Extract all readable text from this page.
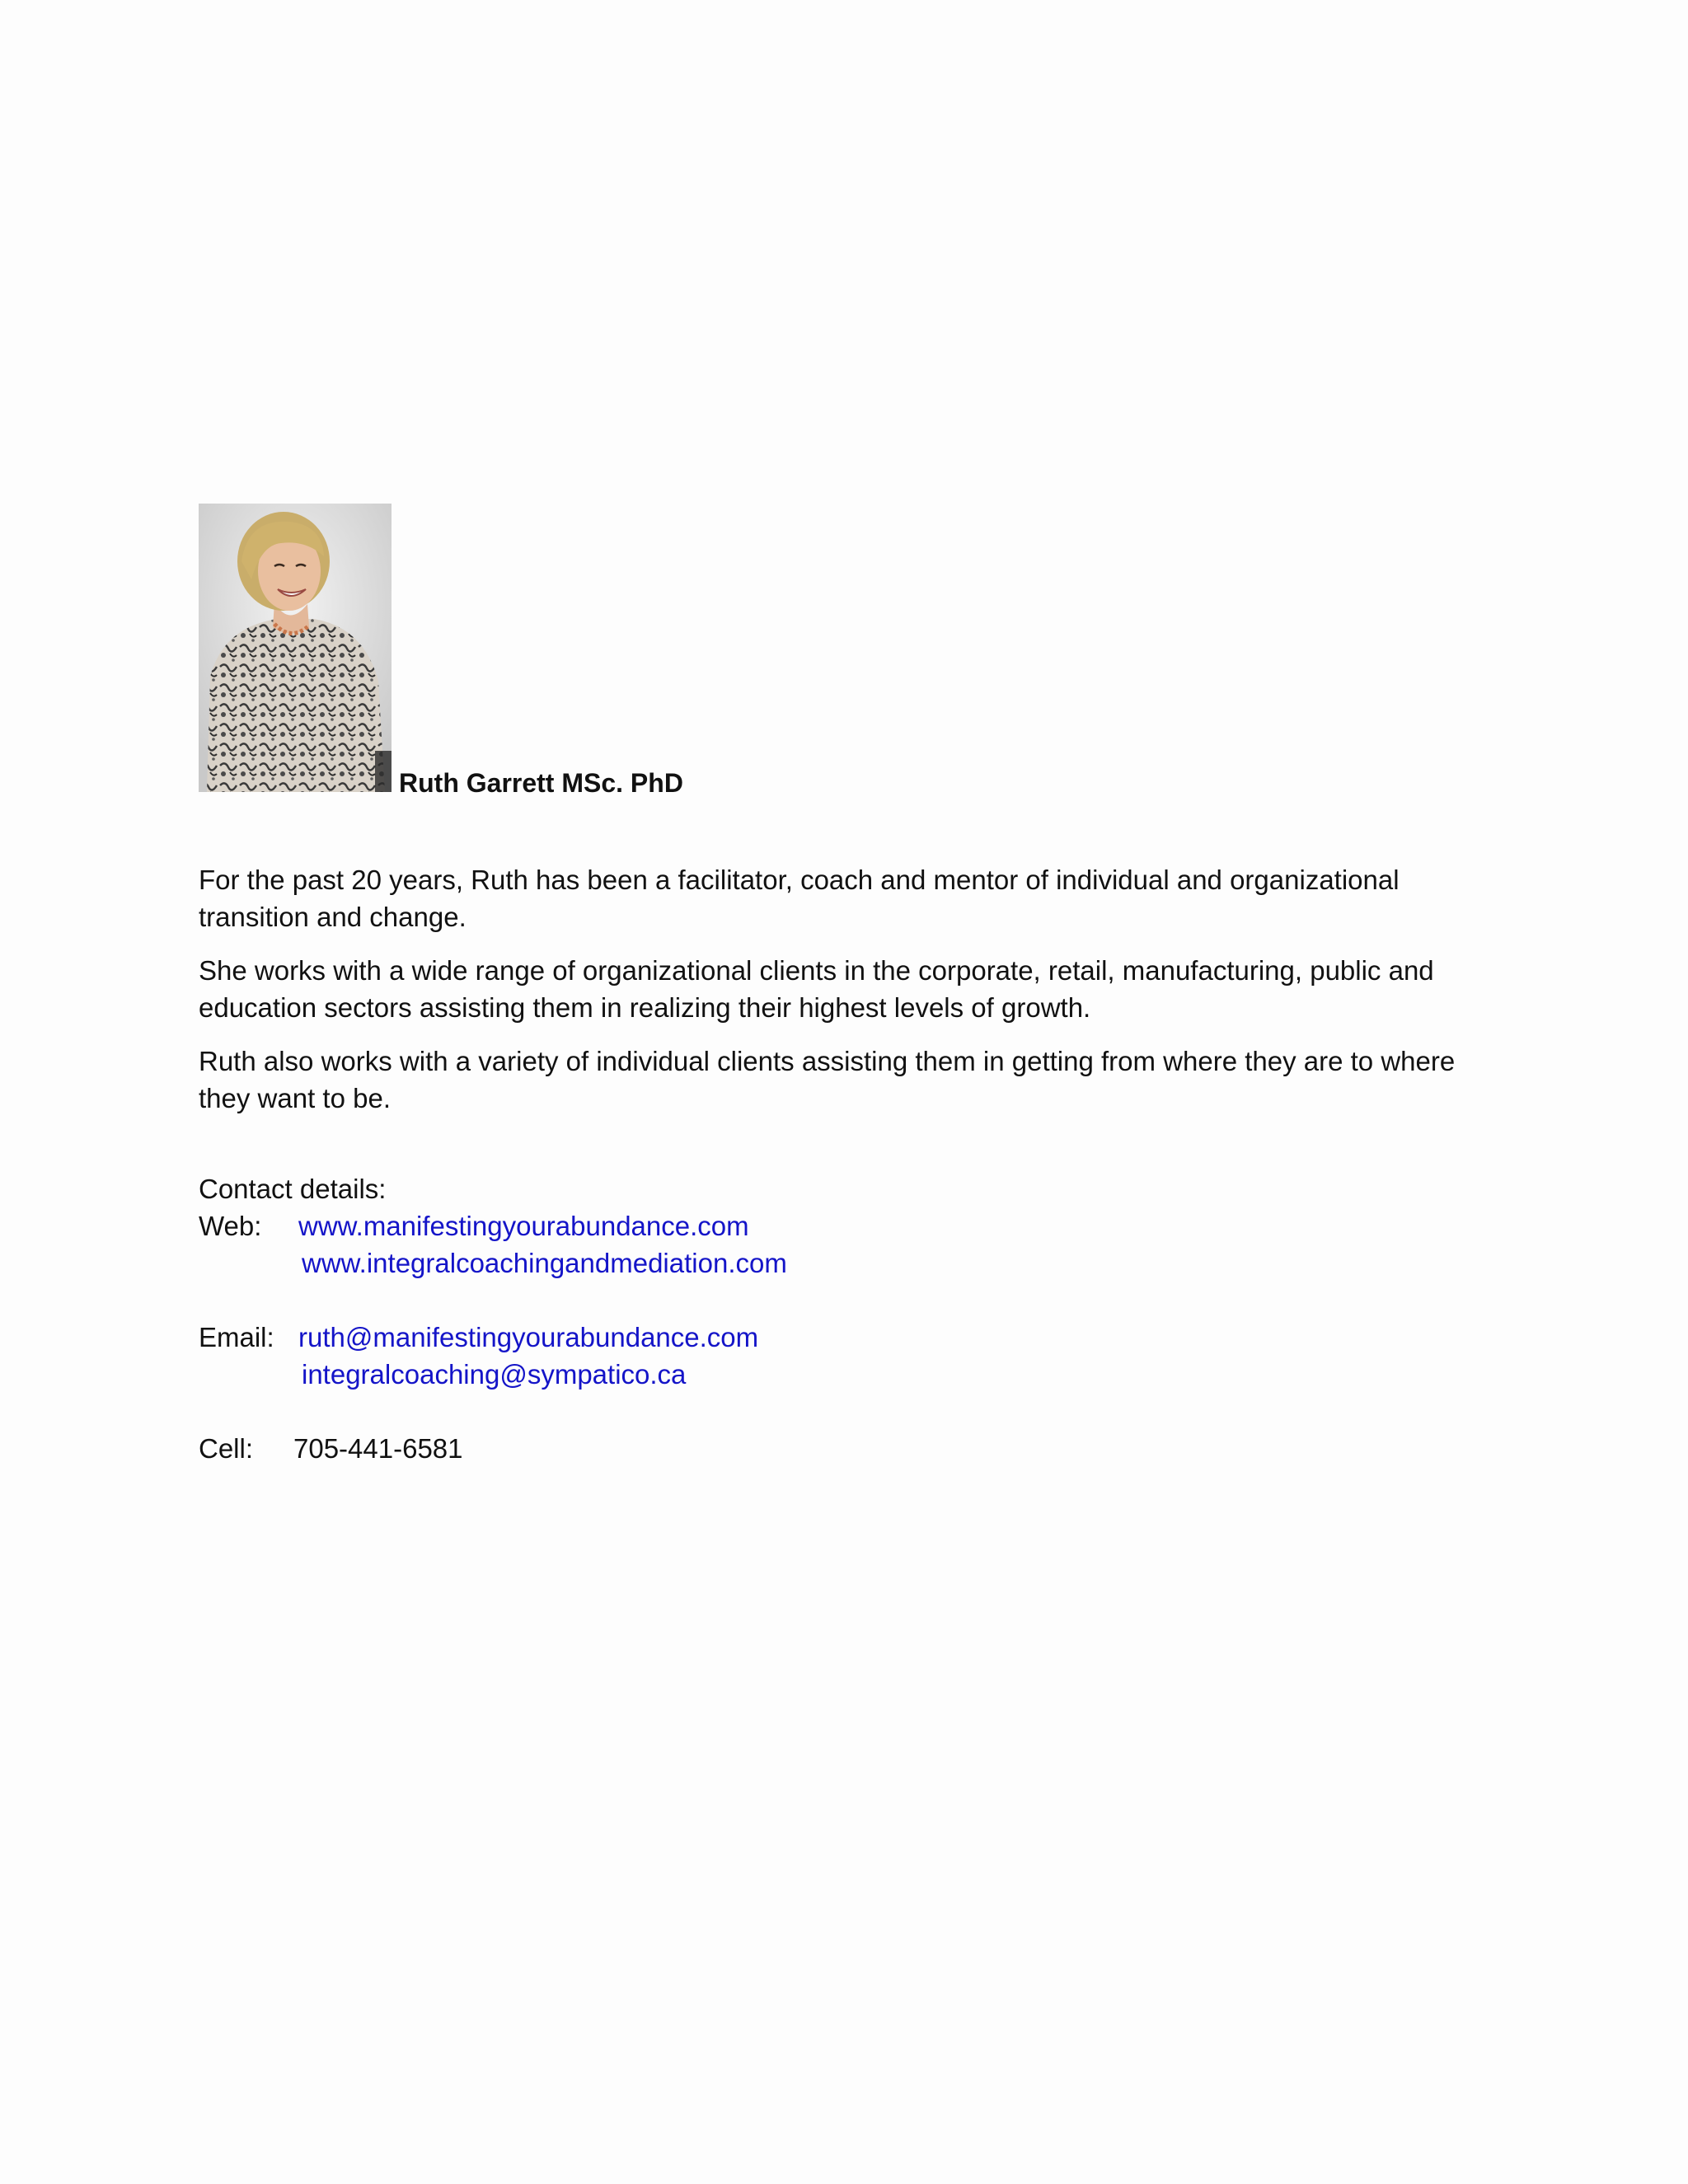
Ruth Garrett MSc. PhD

For the past 20 years, Ruth has been a facilitator, coach and mentor of individual and organizational transition and change.

She works with a wide range of organizational clients in the corporate, retail, manufacturing, public and education sectors assisting them in realizing their highest levels of growth.

Ruth also works with a variety of individual clients assisting them in getting from where they are to where they want to be.

Contact details:
Web: www.manifestingyourabundance.com
www.integralcoachingandmediation.com
Email: ruth@manifestingyourabundance.com
integralcoaching@sympatico.ca
Cell: 705-441-6581
